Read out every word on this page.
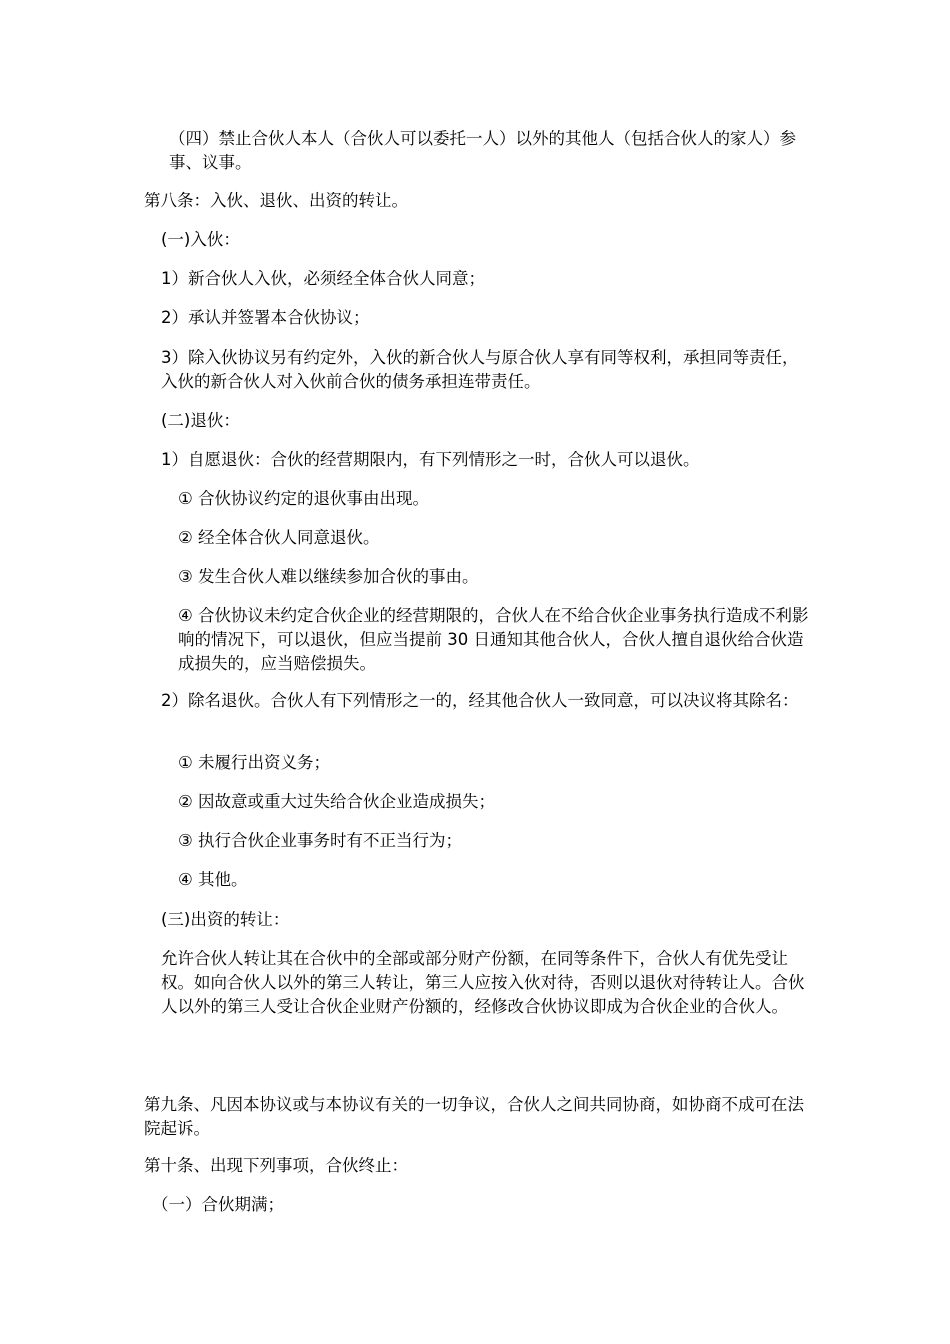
（四）禁止合伙人本人（合伙人可以委托一人）以外的其他人（包括合伙人的家人）参事、议事。

第八条：入伙、退伙、出资的转让。

(一)入伙：

1）新合伙人入伙，必须经全体合伙人同意；

2）承认并签署本合伙协议；

3）除入伙协议另有约定外，入伙的新合伙人与原合伙人享有同等权利，承担同等责任，入伙的新合伙人对入伙前合伙的债务承担连带责任。

(二)退伙：

1）自愿退伙：合伙的经营期限内，有下列情形之一时，合伙人可以退伙。

① 合伙协议约定的退伙事由出现。

② 经全体合伙人同意退伙。

③ 发生合伙人难以继续参加合伙的事由。

④ 合伙协议未约定合伙企业的经营期限的，合伙人在不给合伙企业事务执行造成不利影响的情况下，可以退伙，但应当提前 30 日通知其他合伙人，合伙人擅自退伙给合伙造成损失的，应当赔偿损失。

2）除名退伙。合伙人有下列情形之一的，经其他合伙人一致同意，可以决议将其除名：

① 未履行出资义务；

② 因故意或重大过失给合伙企业造成损失；

③ 执行合伙企业事务时有不正当行为；

④ 其他。

(三)出资的转让：

允许合伙人转让其在合伙中的全部或部分财产份额，在同等条件下，合伙人有优先受让权。如向合伙人以外的第三人转让，第三人应按入伙对待，否则以退伙对待转让人。合伙人以外的第三人受让合伙企业财产份额的，经修改合伙协议即成为合伙企业的合伙人。

第九条、凡因本协议或与本协议有关的一切争议，合伙人之间共同协商，如协商不成可在法院起诉。

第十条、出现下列事项，合伙终止：

（一）合伙期满；
